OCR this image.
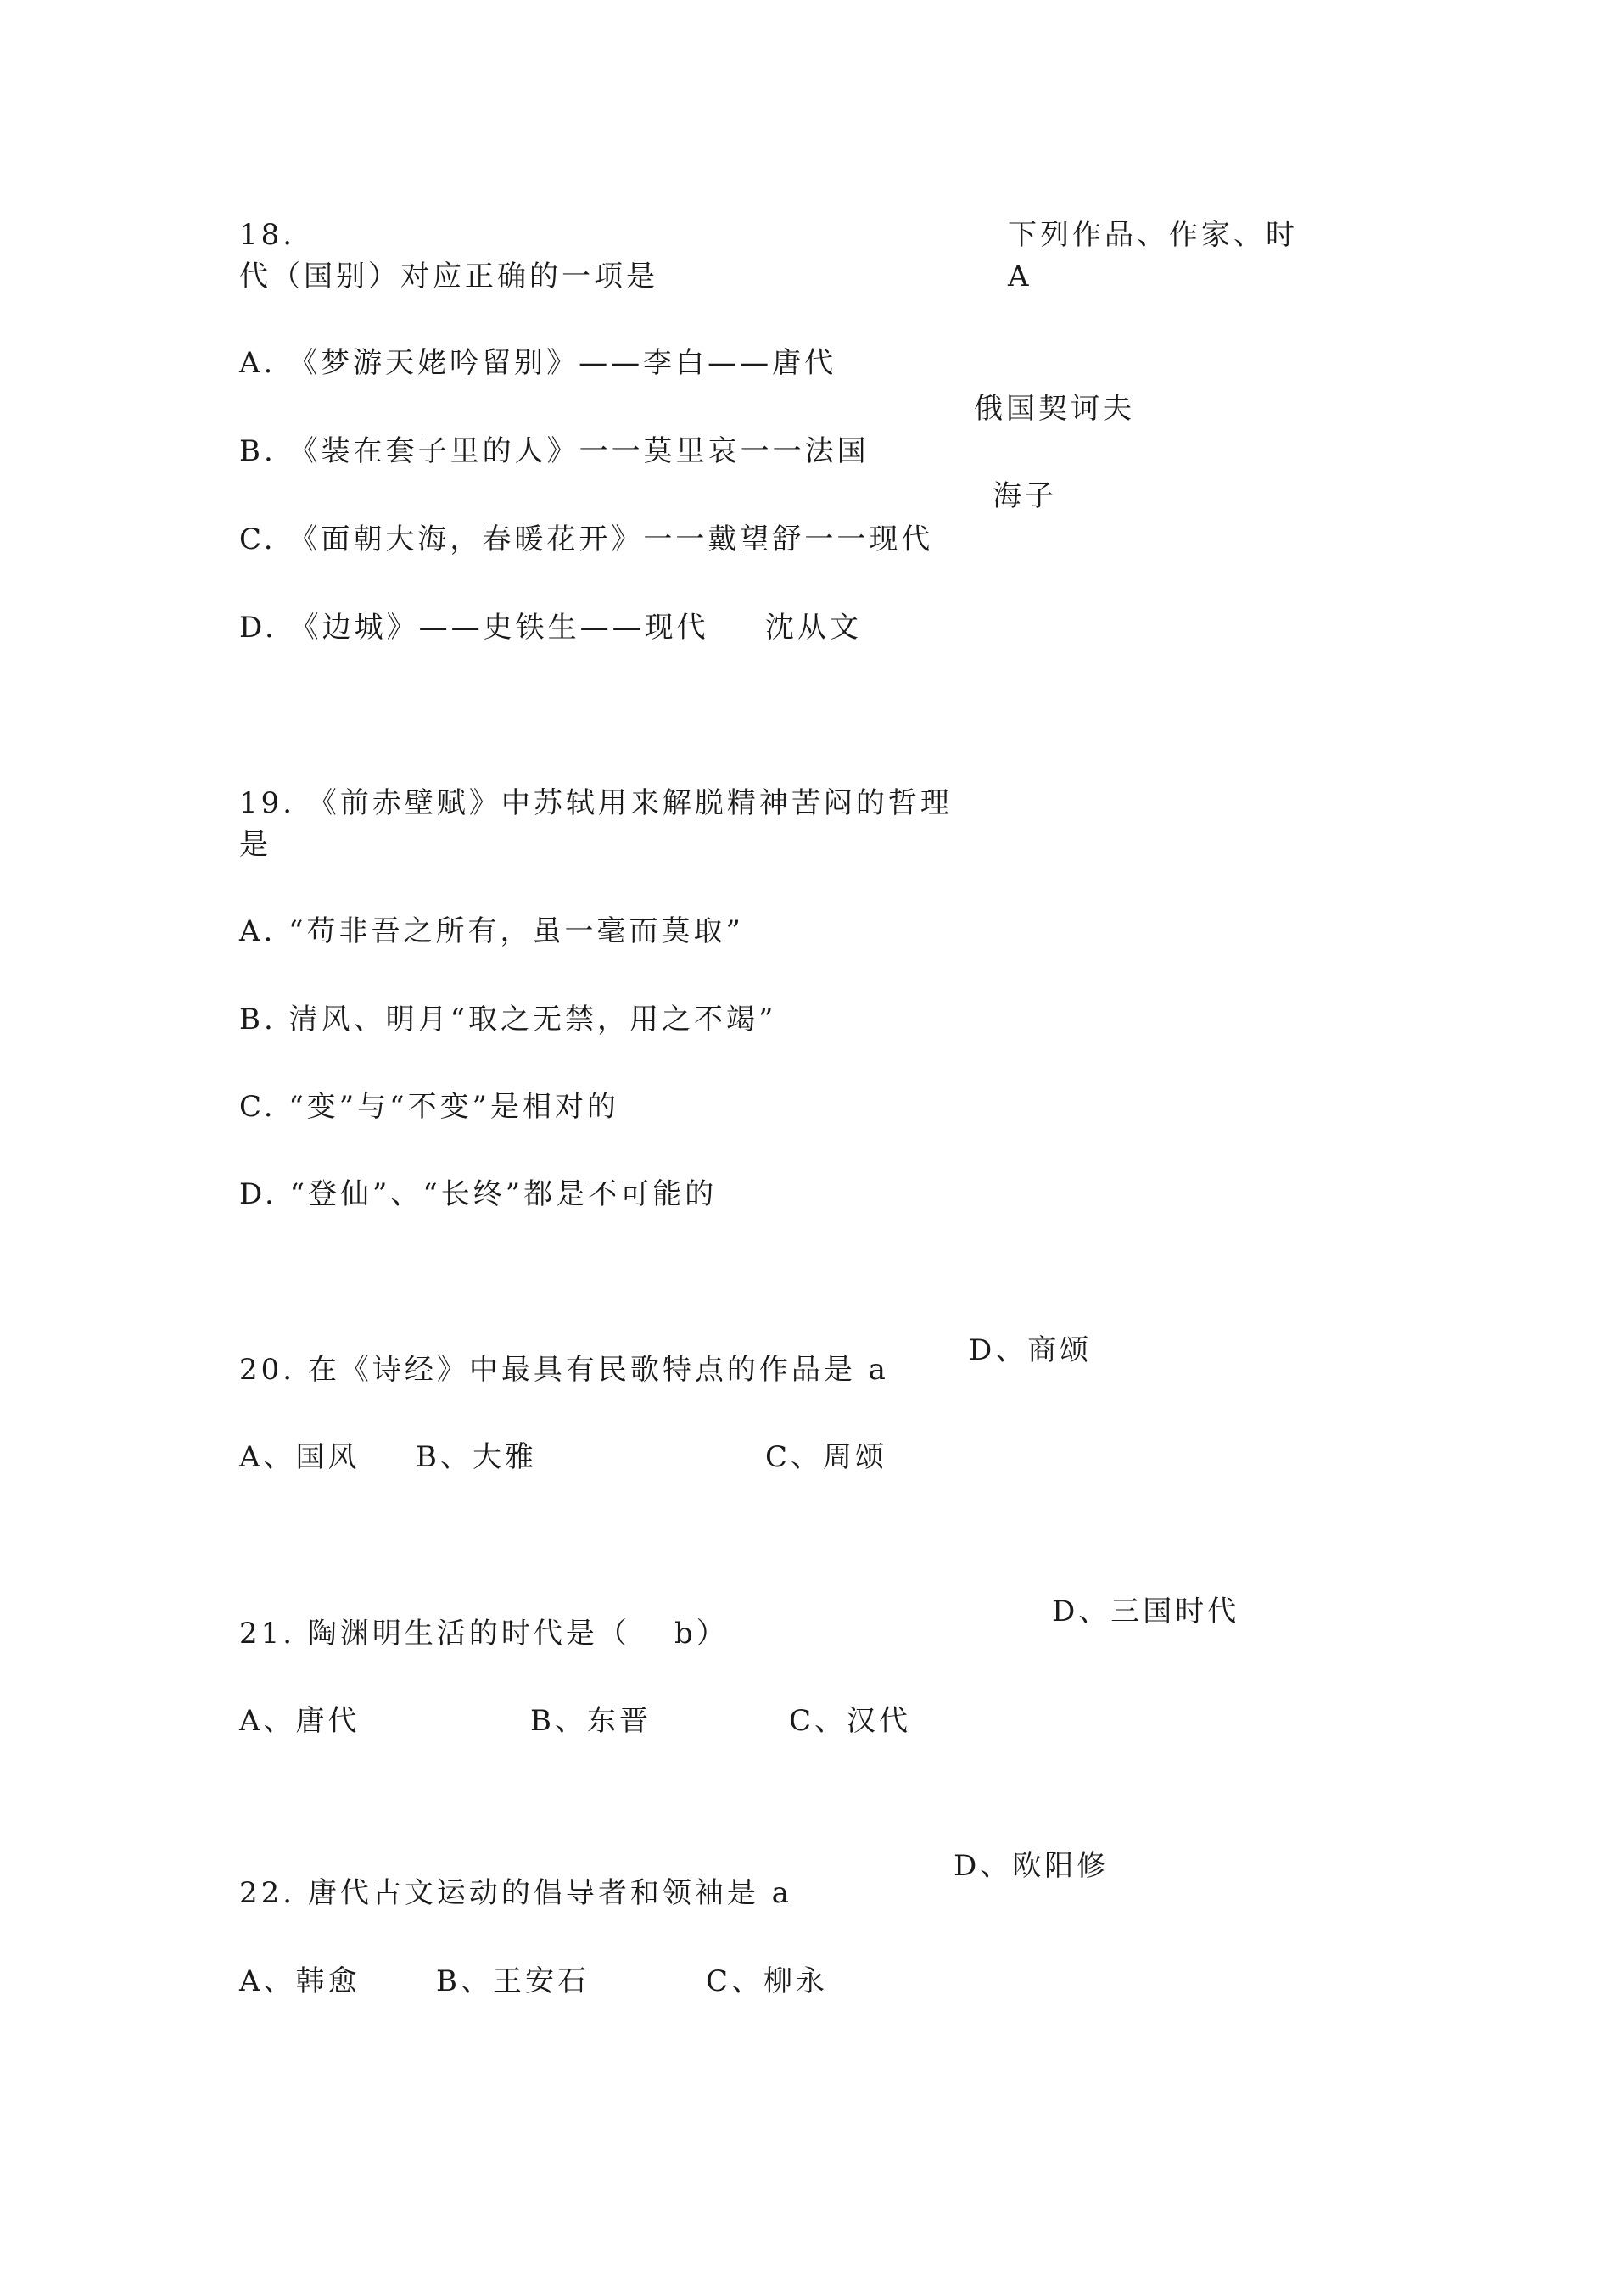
18.	下列作品、作家、时
代（国别）对应正确的一项是	A
A. 《梦游天姥吟留别》——李白——唐代
俄国契诃夫
B. 《装在套子里的人》一一莫里哀一一法国
海子
C. 《面朝大海，春暖花开》一一戴望舒一一现代
D. 《边城》——史铁生——现代 沈从文
19. 《前赤壁赋》中苏轼用来解脱精神苦闷的哲理
是
A. “苟非吾之所有，虽一毫而莫取”
B. 清风、明月“取之无禁，用之不竭”
C. “变”与“不变”是相对的
D. “登仙”、“长终”都是不可能的
D、商颂
20. 在《诗经》中最具有民歌特点的作品是 a
A、国风 B、大雅	C、周颂
D、三国时代
21. 陶渊明生活的时代是（ b）
A、唐代	B、东晋	C、汉代
D、欧阳修
22. 唐代古文运动的倡导者和领袖是 a
A、韩愈	B、王安石	C、柳永
